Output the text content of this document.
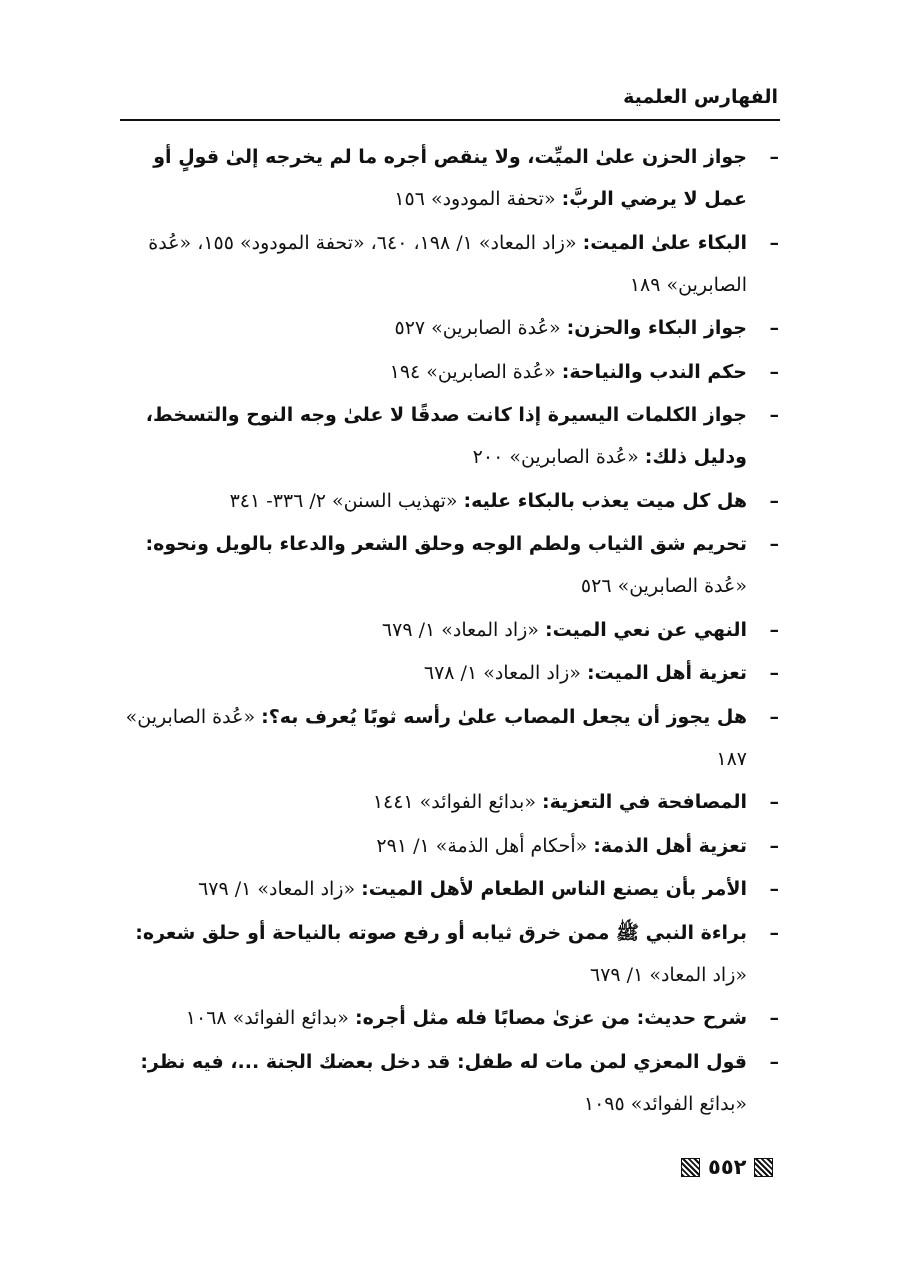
الفهارس العلمية
–
جواز الحزن علىٰ الميِّت، ولا ينقص أجره ما لم يخرجه إلىٰ قولٍ أو عمل لا يرضي الربَّ: «تحفة المودود» ١٥٦
–
البكاء علىٰ الميت: «زاد المعاد» ١/ ١٩٨، ٦٤٠، «تحفة المودود» ١٥٥، «عُدة الصابرين» ١٨٩
–
جواز البكاء والحزن: «عُدة الصابرين» ٥٢٧
–
حكم الندب والنياحة: «عُدة الصابرين» ١٩٤
–
جواز الكلمات اليسيرة إذا كانت صدقًا لا علىٰ وجه النوح والتسخط، ودليل ذلك: «عُدة الصابرين» ٢٠٠
–
هل كل ميت يعذب بالبكاء عليه: «تهذيب السنن» ٢/ ٣٣٦- ٣٤١
–
تحريم شق الثياب ولطم الوجه وحلق الشعر والدعاء بالويل ونحوه: «عُدة الصابرين» ٥٢٦
–
النهي عن نعي الميت: «زاد المعاد» ١/ ٦٧٩
–
تعزية أهل الميت: «زاد المعاد» ١/ ٦٧٨
–
هل يجوز أن يجعل المصاب علىٰ رأسه ثوبًا يُعرف به؟: «عُدة الصابرين» ١٨٧
–
المصافحة في التعزية: «بدائع الفوائد» ١٤٤١
–
تعزية أهل الذمة: «أحكام أهل الذمة» ١/ ٢٩١
–
الأمر بأن يصنع الناس الطعام لأهل الميت: «زاد المعاد» ١/ ٦٧٩
–
براءة النبي ﷺ ممن خرق ثيابه أو رفع صوته بالنياحة أو حلق شعره: «زاد المعاد» ١/ ٦٧٩
–
شرح حديث: من عزىٰ مصابًا فله مثل أجره: «بدائع الفوائد» ١٠٦٨
–
قول المعزي لمن مات له طفل: قد دخل بعضك الجنة ...، فيه نظر: «بدائع الفوائد» ١٠٩٥
٥٥٢
